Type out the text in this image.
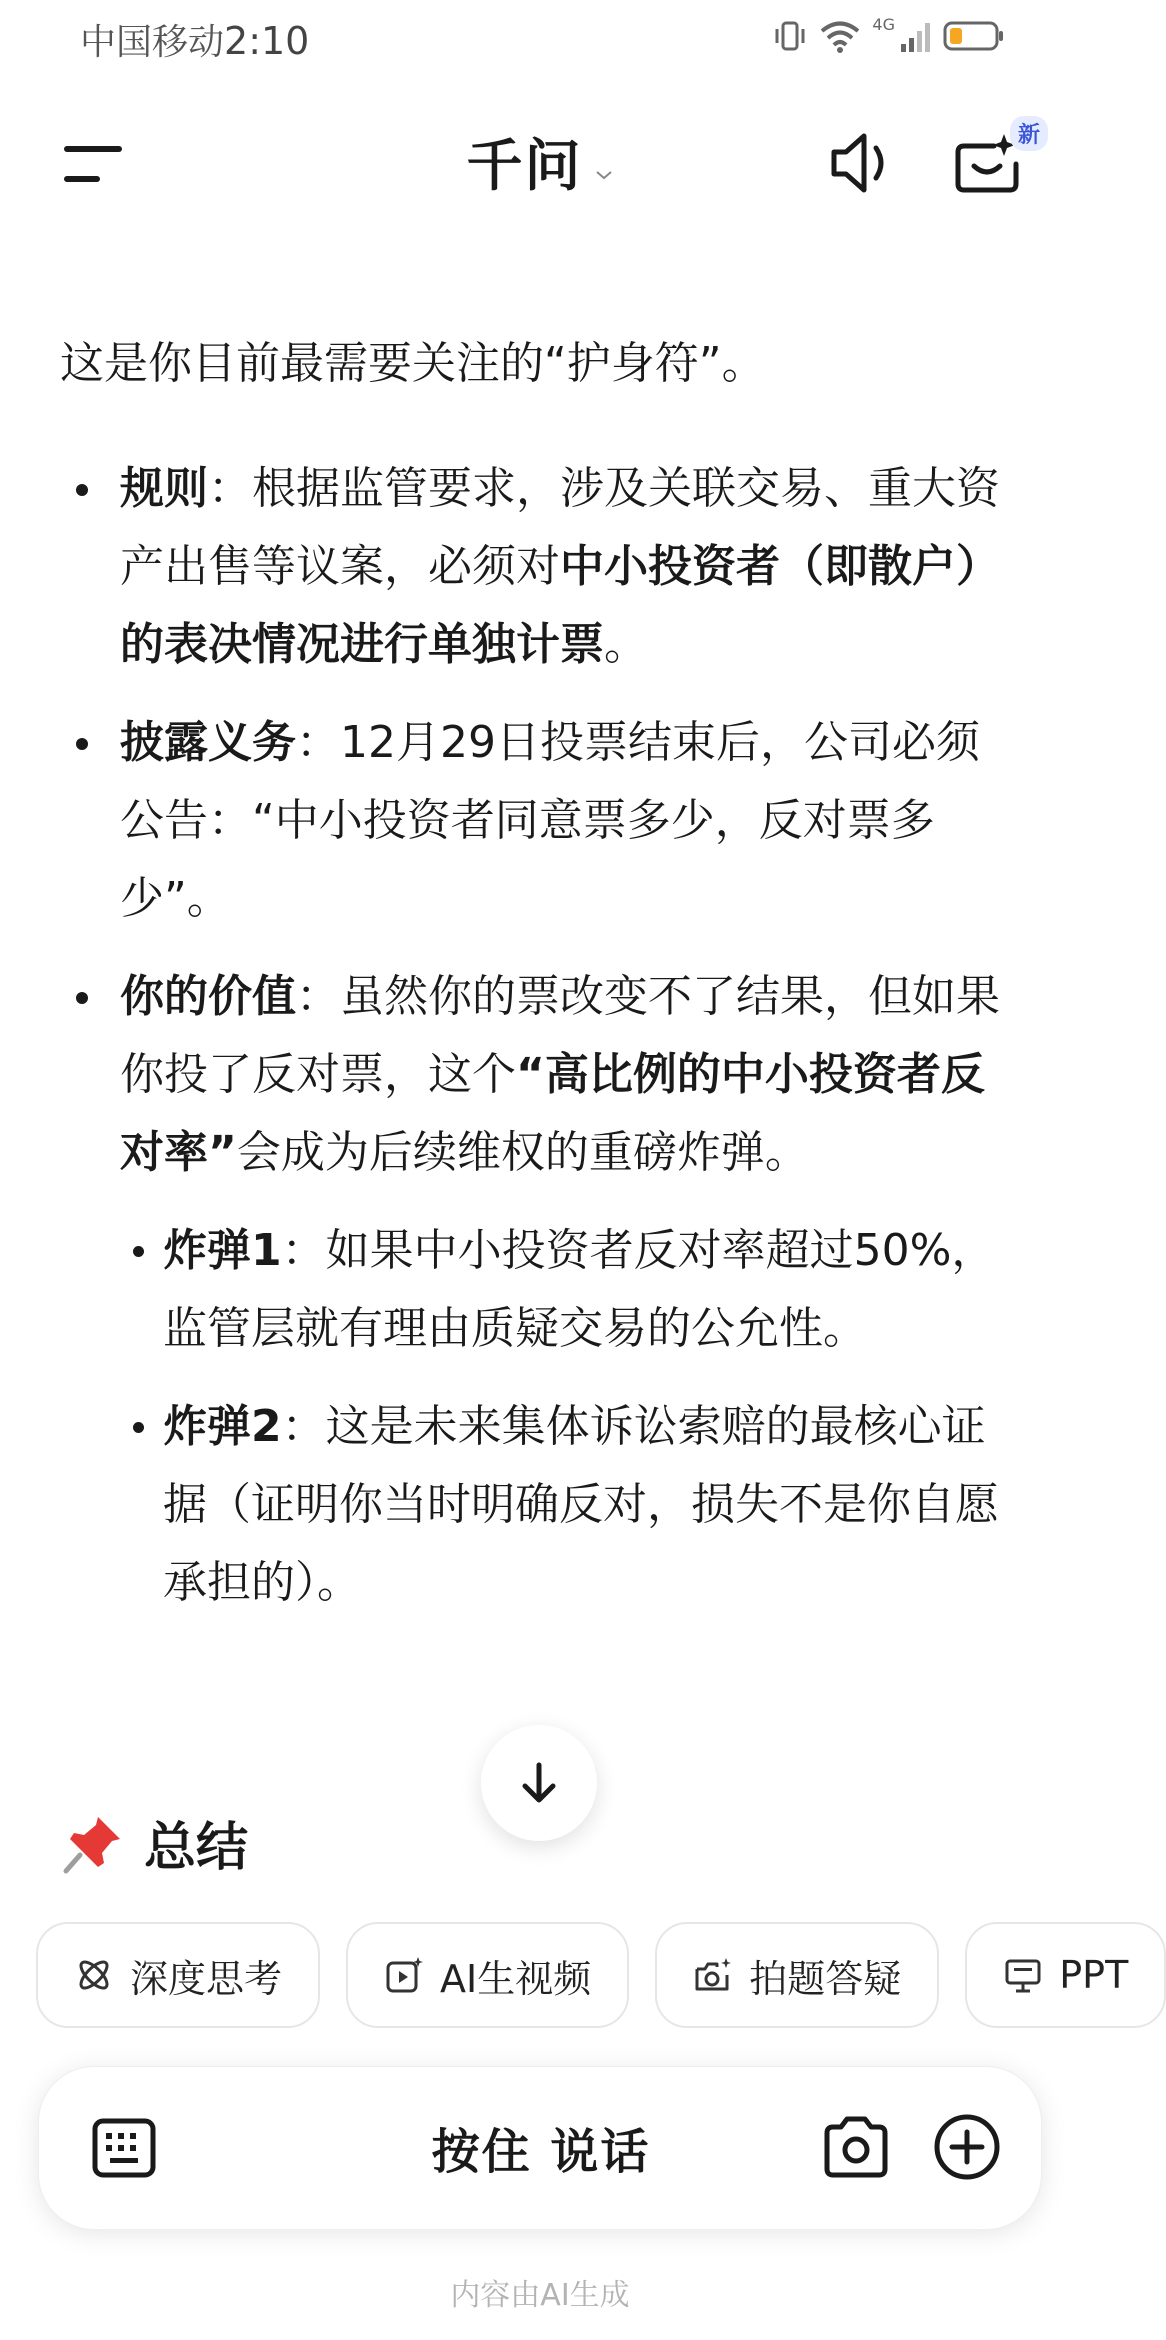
中国移动2:10	4G
千问	新
这是你目前最需要关注的“护身符”。
规则：根据监管要求，涉及关联交易、重大资产出售等议案，必须对中小投资者（即散户）的表决情况进行单独计票。
披露义务：12月29日投票结束后，公司必须公告：“中小投资者同意票多少，反对票多少”。
你的价值：虽然你的票改变不了结果，但如果你投了反对票，这个“高比例的中小投资者反对率”会成为后续维权的重磅炸弹。
炸弹1：如果中小投资者反对率超过50%，监管层就有理由质疑交易的公允性。
炸弹2：这是未来集体诉讼索赔的最核心证据（证明你当时明确反对，损失不是你自愿承担的）。
总结
深度思考	AI生视频	拍题答疑	PPT
按住 说话
内容由AI生成
